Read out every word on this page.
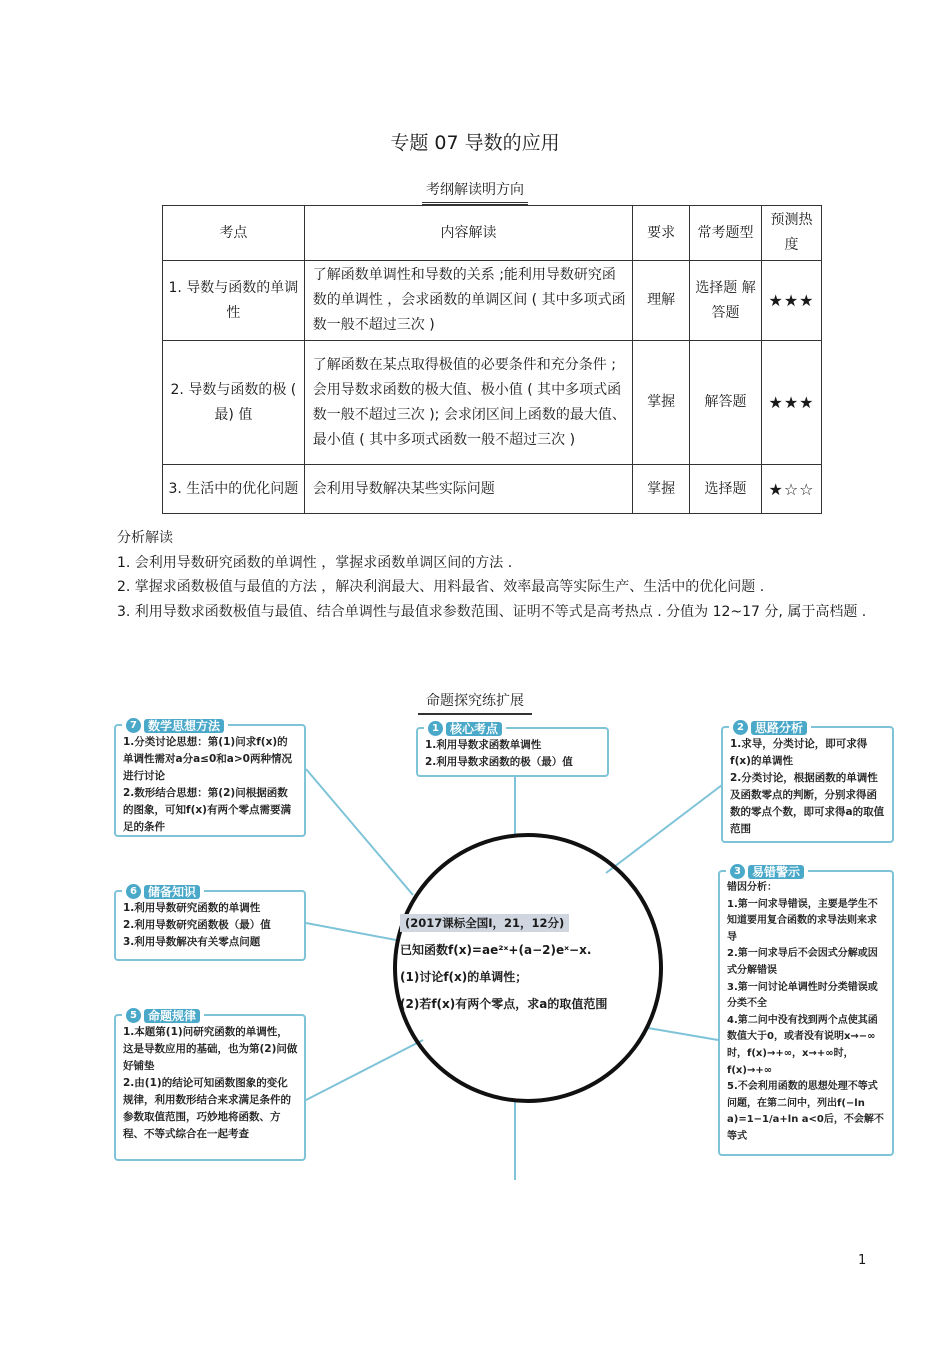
专题 07 导数的应用
考纲解读明方向
考点	内容解读	要求	常考题型	预测热度
1. 导数与函数的单调性	了解函数单调性和导数的关系 ;能利用导数研究函数的单调性 ，会求函数的单调区间 ( 其中多项式函数一般不超过三次 )	理解	选择题 解答题	★★★
2. 导数与函数的极 ( 最) 值	了解函数在某点取得极值的必要条件和充分条件 ; 会用导数求函数的极大值、极小值 ( 其中多项式函数一般不超过三次 ); 会求闭区间上函数的最大值、最小值 ( 其中多项式函数一般不超过三次 )	掌握	解答题	★★★
3. 生活中的优化问题	会利用导数解决某些实际问题	掌握	选择题	★☆☆

分析解读

1. 会利用导数研究函数的单调性 ，掌握求函数单调区间的方法 .

2. 掌握求函数极值与最值的方法 ，解决利润最大、用料最省、效率最高等实际生产、生活中的优化问题 .

3. 利用导数求函数极值与最值、结合单调性与最值求参数范围、证明不等式是高考热点 . 分值为 12~17 分, 属于高档题 .

命题探究练扩展
(2017课标全国Ⅰ，21，12分)
已知函数f(x)=ae²ˣ+(a−2)eˣ−x.
(1)讨论f(x)的单调性；
(2)若f(x)有两个零点，求a的取值范围
1 核心考点

1.利用导数求函数单调性

2.利用导数求函数的极（最）值

2 思路分析

1.求导，分类讨论，即可求得f(x)的单调性

2.分类讨论，根据函数的单调性及函数零点的判断，分别求得函数的零点个数，即可求得a的取值范围

3 易错警示

错因分析：

1.第一问求导错误，主要是学生不知道要用复合函数的求导法则来求导

2.第一问求导后不会因式分解或因式分解错误

3.第一问讨论单调性时分类错误或分类不全

4.第二问中没有找到两个点使其函数值大于0，或者没有说明x→−∞时，f(x)→+∞，x→+∞时，f(x)→+∞

5.不会利用函数的思想处理不等式问题，在第二问中，列出f(−ln a)=1−1/a+ln a<0后，不会解不等式

7 数学思想方法

1.分类讨论思想：第(1)问求f(x)的单调性需对a分a≤0和a>0两种情况进行讨论

2.数形结合思想：第(2)问根据函数的图象，可知f(x)有两个零点需要满足的条件

6 储备知识

1.利用导数研究函数的单调性

2.利用导数研究函数极（最）值

3.利用导数解决有关零点问题

5 命题规律

1.本题第(1)问研究函数的单调性，这是导数应用的基础，也为第(2)问做好铺垫

2.由(1)的结论可知函数图象的变化规律，利用数形结合来求满足条件的参数取值范围，巧妙地将函数、方程、不等式综合在一起考查

1
